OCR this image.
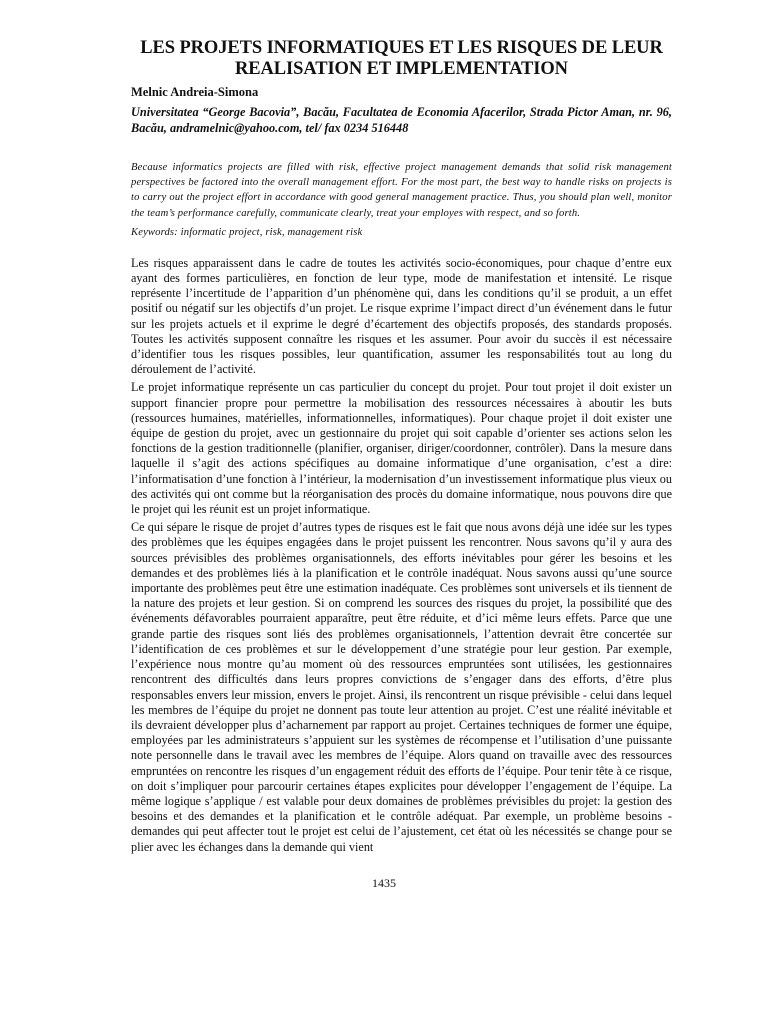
LES PROJETS INFORMATIQUES ET LES RISQUES DE LEUR REALISATION ET IMPLEMENTATION

Melnic Andreia-Simona

Universitatea “George Bacovia”, Bacău, Facultatea de Economia Afacerilor, Strada Pictor Aman, nr. 96, Bacău, andramelnic@yahoo.com, tel/ fax 0234 516448

Because informatics projects are filled with risk, effective project management demands that solid risk management perspectives be factored into the overall management effort. For the most part, the best way to handle risks on projects is to carry out the project effort in accordance with good general management practice. Thus, you should plan well, monitor the team’s performance carefully, communicate clearly, treat your employes with respect, and so forth.

Keywords: informatic project, risk, management risk

Les risques apparaissent dans le cadre de toutes les activités socio-économiques, pour chaque d’entre eux ayant des formes particulières, en fonction de leur type, mode de manifestation et intensité. Le risque représente l’incertitude de l’apparition d’un phénomène qui, dans les conditions qu’il se produit, a un effet positif ou négatif sur les objectifs d’un projet. Le risque exprime l’impact direct d’un événement dans le futur sur les projets actuels et il exprime le degré d’écartement des objectifs proposés, des standards proposés. Toutes les activités supposent connaître les risques et les assumer. Pour avoir du succès il est nécessaire d’identifier tous les risques possibles, leur quantification, assumer les responsabilités tout au long du déroulement de l’activité.

Le projet informatique représente un cas particulier du concept du projet. Pour tout projet il doit exister un support financier propre pour permettre la mobilisation des ressources nécessaires à aboutir les buts (ressources humaines, matérielles, informationnelles, informatiques). Pour chaque projet il doit exister une équipe de gestion du projet, avec un gestionnaire du projet qui soit capable d’orienter ses actions selon les fonctions de la gestion traditionnelle (planifier, organiser, diriger/coordonner, contrôler). Dans la mesure dans laquelle il s’agit des actions spécifiques au domaine informatique d’une organisation, c’est a dire: l’informatisation d’une fonction à l’intérieur, la modernisation d’un investissement informatique plus vieux ou des activités qui ont comme but la réorganisation des procès du domaine informatique, nous pouvons dire que le projet qui les réunit est un projet informatique.

Ce qui sépare le risque de projet d’autres types de risques est le fait que nous avons déjà une idée sur les types des problèmes que les équipes engagées dans le projet puissent les rencontrer. Nous savons qu’il y aura des sources prévisibles des problèmes organisationnels, des efforts inévitables pour gérer les besoins et les demandes et des problèmes liés à la planification et le contrôle inadéquat. Nous savons aussi qu’une source importante des problèmes peut être une estimation inadéquate. Ces problèmes sont universels et ils tiennent de la nature des projets et leur gestion. Si on comprend les sources des risques du projet, la possibilité que des événements défavorables pourraient apparaître, peut être réduite, et d’ici même leurs effets. Parce que une grande partie des risques sont liés des problèmes organisationnels, l’attention devrait être concertée sur l’identification de ces problèmes et sur le développement d’une stratégie pour leur gestion. Par exemple, l’expérience nous montre qu’au moment où des ressources empruntées sont utilisées, les gestionnaires rencontrent des difficultés dans leurs propres convictions de s’engager dans des efforts, d’être plus responsables envers leur mission, envers le projet. Ainsi, ils rencontrent un risque prévisible - celui dans lequel les membres de l’équipe du projet ne donnent pas toute leur attention au projet. C’est une réalité inévitable et ils devraient développer plus d’acharnement par rapport au projet. Certaines techniques de former une équipe, employées par les administrateurs s’appuient sur les systèmes de récompense et l’utilisation d’une puissante note personnelle dans le travail avec les membres de l’équipe. Alors quand on travaille avec des ressources empruntées on rencontre les risques d’un engagement réduit des efforts de l’équipe. Pour tenir tête à ce risque, on doit s’impliquer pour parcourir certaines étapes explicites pour développer l’engagement de l’équipe. La même logique s’applique / est valable pour deux domaines de problèmes prévisibles du projet: la gestion des besoins et des demandes et la planification et le contrôle adéquat. Par exemple, un problème besoins - demandes qui peut affecter tout le projet est celui de l’ajustement, cet état où les nécessités se change pour se plier avec les échanges dans la demande qui vient

1435
